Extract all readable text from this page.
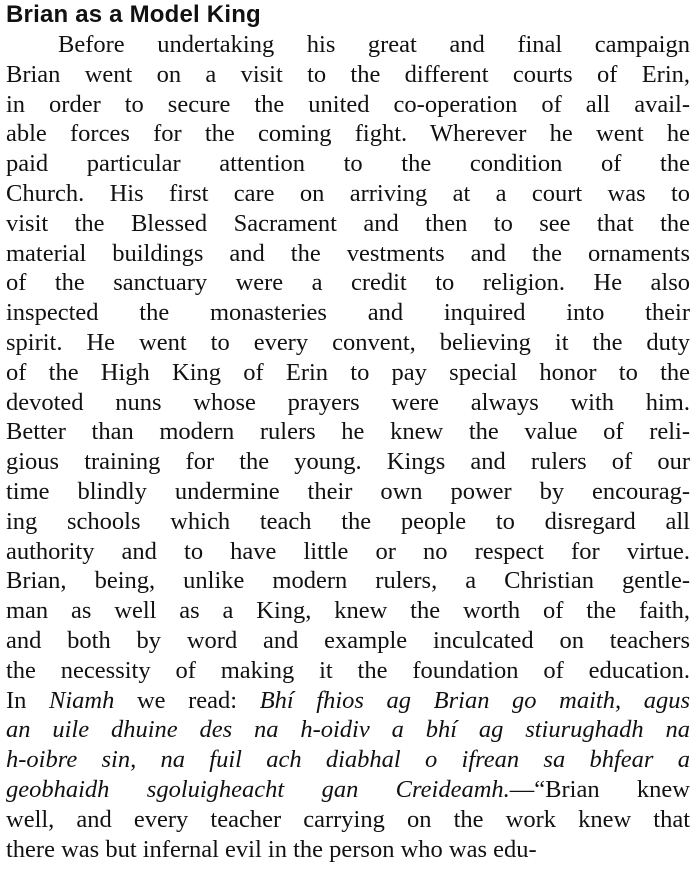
Brian as a Model King
Before undertaking his great and final campaign
Brian went on a visit to the different courts of Erin,
in order to secure the united co-operation of all avail-
able forces for the coming fight. Wherever he went he
paid particular attention to the condition of the
Church. His first care on arriving at a court was to
visit the Blessed Sacrament and then to see that the
material buildings and the vestments and the ornaments
of the sanctuary were a credit to religion. He also
inspected the monasteries and inquired into their
spirit. He went to every convent, believing it the duty
of the High King of Erin to pay special honor to the
devoted nuns whose prayers were always with him.
Better than modern rulers he knew the value of reli-
gious training for the young. Kings and rulers of our
time blindly undermine their own power by encourag-
ing schools which teach the people to disregard all
authority and to have little or no respect for virtue.
Brian, being, unlike modern rulers, a Christian gentle-
man as well as a King, knew the worth of the faith,
and both by word and example inculcated on teachers
the necessity of making it the foundation of education.
In Niamh we read: Bhí fhios ag Brian go maith, agus
an uile dhuine des na h-oidiv a bhí ag stiurughadh na
h-oibre sin, na fuil ach diabhal o ifrean sa bhfear a
geobhaidh sgoluigheacht gan Creideamh.—“Brian knew
well, and every teacher carrying on the work knew that
there was but infernal evil in the person who was edu-
